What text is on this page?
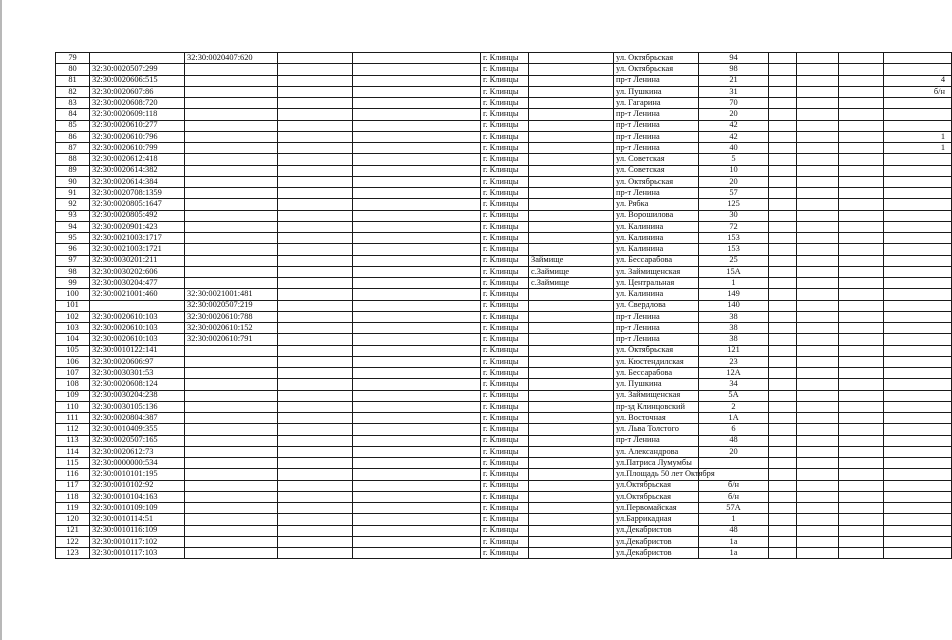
79		32:30:0020407:620			г. Клинцы		ул. Октябрьская	94				
80	32:30:0020507:299				г. Клинцы		ул. Октябрьская	98				
81	32:30:0020606:515				г. Клинцы		пр-т Ленина	21				4
82	32:30:0020607:86				г. Клинцы		ул. Пушкина	31				б/н
83	32:30:0020608:720				г. Клинцы		ул. Гагарина	70				
84	32:30:0020609:118				г. Клинцы		пр-т Ленина	20				
85	32:30:0020610:277				г. Клинцы		пр-т Ленина	42				
86	32:30:0020610:796				г. Клинцы		пр-т Ленина	42				1
87	32:30:0020610:799				г. Клинцы		пр-т Ленина	40				1
88	32:30:0020612:418				г. Клинцы		ул. Советская	5				
89	32:30:0020614:382				г. Клинцы		ул. Советская	10				
90	32:30:0020614:384				г. Клинцы		ул. Октябрьская	20				
91	32:30:0020708:1359				г. Клинцы		пр-т Ленина	57				
92	32:30:0020805:1647				г. Клинцы		ул. Рябка	125				
93	32:30:0020805:492				г. Клинцы		ул. Ворошилова	30				
94	32:30:0020901:423				г. Клинцы		ул. Калинина	72				
95	32:30:0021003:1717				г. Клинцы		ул. Калинина	153				
96	32:30:0021003:1721				г. Клинцы		ул. Калинина	153				
97	32:30:0030201:211				г. Клинцы	Займище	ул. Бессарабова	25				
98	32:30:0030202:606				г. Клинцы	с.Займище	ул. Займищенская	15А				
99	32:30:0030204:477				г. Клинцы	с.Займище	ул. Центральная	1				
100	32:30:0021001:460	32:30:0021001:481			г. Клинцы		ул. Калинина	149				
101		32:30:0020507:219			г. Клинцы		ул. Свердлова	140				
102	32:30:0020610:103	32:30:0020610:788			г. Клинцы		пр-т Ленина	38				
103	32:30:0020610:103	32:30:0020610:152			г. Клинцы		пр-т Ленина	38				
104	32:30:0020610:103	32:30:0020610:791			г. Клинцы		пр-т Ленина	38				
105	32:30:0010122:141				г. Клинцы		ул. Октябрьская	121				
106	32:30:0020606:97				г. Клинцы		ул. Кюстендилская	23				
107	32:30:0030301:53				г. Клинцы		ул. Бессарабова	12А				
108	32:30:0020608:124				г. Клинцы		ул. Пушкина	34				
109	32:30:0030204:238				г. Клинцы		ул. Займищенская	5А				
110	32:30:0030105:136				г. Клинцы		пр-зд Клинцовский	2				
111	32:30:0020804:387				г. Клинцы		ул. Восточная	1А				
112	32:30:0010409:355				г. Клинцы		ул. Льва Толстого	6				
113	32:30:0020507:165				г. Клинцы		пр-т Ленина	48				
114	32:30:0020612:73				г. Клинцы		ул. Александрова	20				
115	32:30:0000000:534				г. Клинцы		ул.Патриса Лумумбы					
116	32:30:0010101:195				г. Клинцы		ул.Площадь 50 лет Октября					
117	32:30:0010102:92				г. Клинцы		ул.Октябрьская	б/н				
118	32:30:0010104:163				г. Клинцы		ул.Октябрьская	б/н				
119	32:30:0010109:109				г. Клинцы		ул.Первомайская	57А				
120	32:30:0010114:51				г. Клинцы		ул.Баррикадная	1				
121	32:30:0010116:109				г. Клинцы		ул.Декабристов	48				
122	32:30:0010117:102				г. Клинцы		ул.Декабристов	1а				
123	32:30:0010117:103				г. Клинцы		ул.Декабристов	1а				
